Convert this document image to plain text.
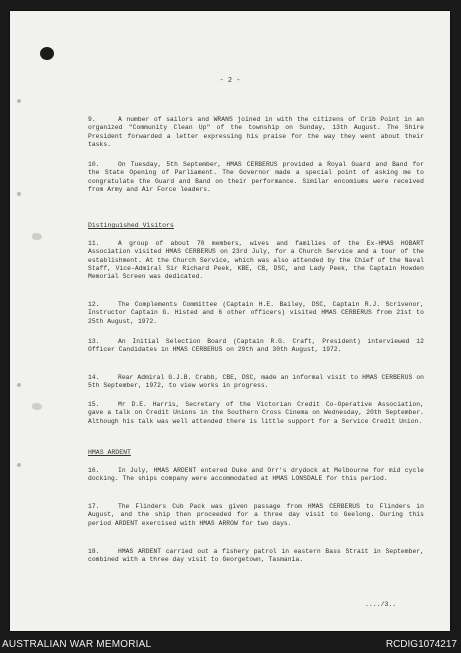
- 2 -
9.	A number of sailors and WRANS joined in with the citizens of Crib Point in an organized "Community Clean Up" of the township on Sunday, 13th August. The Shire President forwarded a letter expressing his praise for the way they went about their tasks.
10.	On Tuesday, 5th September, HMAS CERBERUS provided a Royal Guard and Band for the State Opening of Parliament. The Governor made a special point of asking me to congratulate the Guard and Band on their performance. Similar encomiums were received from Army and Air Force leaders.
Distinguished Visitors
11.	A group of about 70 members, wives and families of the Ex-HMAS HOBART Association visited HMAS CERBERUS on 23rd July, for a Church Service and a tour of the establishment. At the Church Service, which was also attended by the Chief of the Naval Staff, Vice-Admiral Sir Richard Peek, KBE, CB, DSC, and Lady Peek, the Captain Howden Memorial Screen was dedicated.
12.	The Complements Committee (Captain H.E. Bailey, DSC, Captain R.J. Scrivenor, Instructor Captain G. Histed and 6 other officers) visited HMAS CERBERUS from 21st to 25th August, 1972.
13.	An Initial Selection Board (Captain R.G. Craft, President) interviewed 12 Officer Candidates in HMAS CERBERUS on 29th and 30th August, 1972.
14.	Rear Admiral G.J.B. Crabb, CBE, DSC, made an informal visit to HMAS CERBERUS on 5th September, 1972, to view works in progress.
15.	Mr D.E. Harris, Secretary of the Victorian Credit Co-Operative Association, gave a talk on Credit Unions in the Southern Cross Cinema on Wednesday, 20th September. Although his talk was well attended there is little support for a Service Credit Union.
HMAS ARDENT
16.	In July, HMAS ARDENT entered Duke and Orr's drydock at Melbourne for mid cycle docking. The ships company were accommodated at HMAS LONSDALE for this period.
17.	The Flinders Cub Pack was given passage from HMAS CERBERUS to Flinders in August, and the ship then proceeded for a three day visit to Geelong. During this period ARDENT exercised with HMAS ARROW for two days.
18.	HMAS ARDENT carried out a fishery patrol in eastern Bass Strait in September, combined with a three day visit to Georgetown, Tasmania.
..../3..
AUSTRALIAN WAR MEMORIAL	RCDIG1074217
